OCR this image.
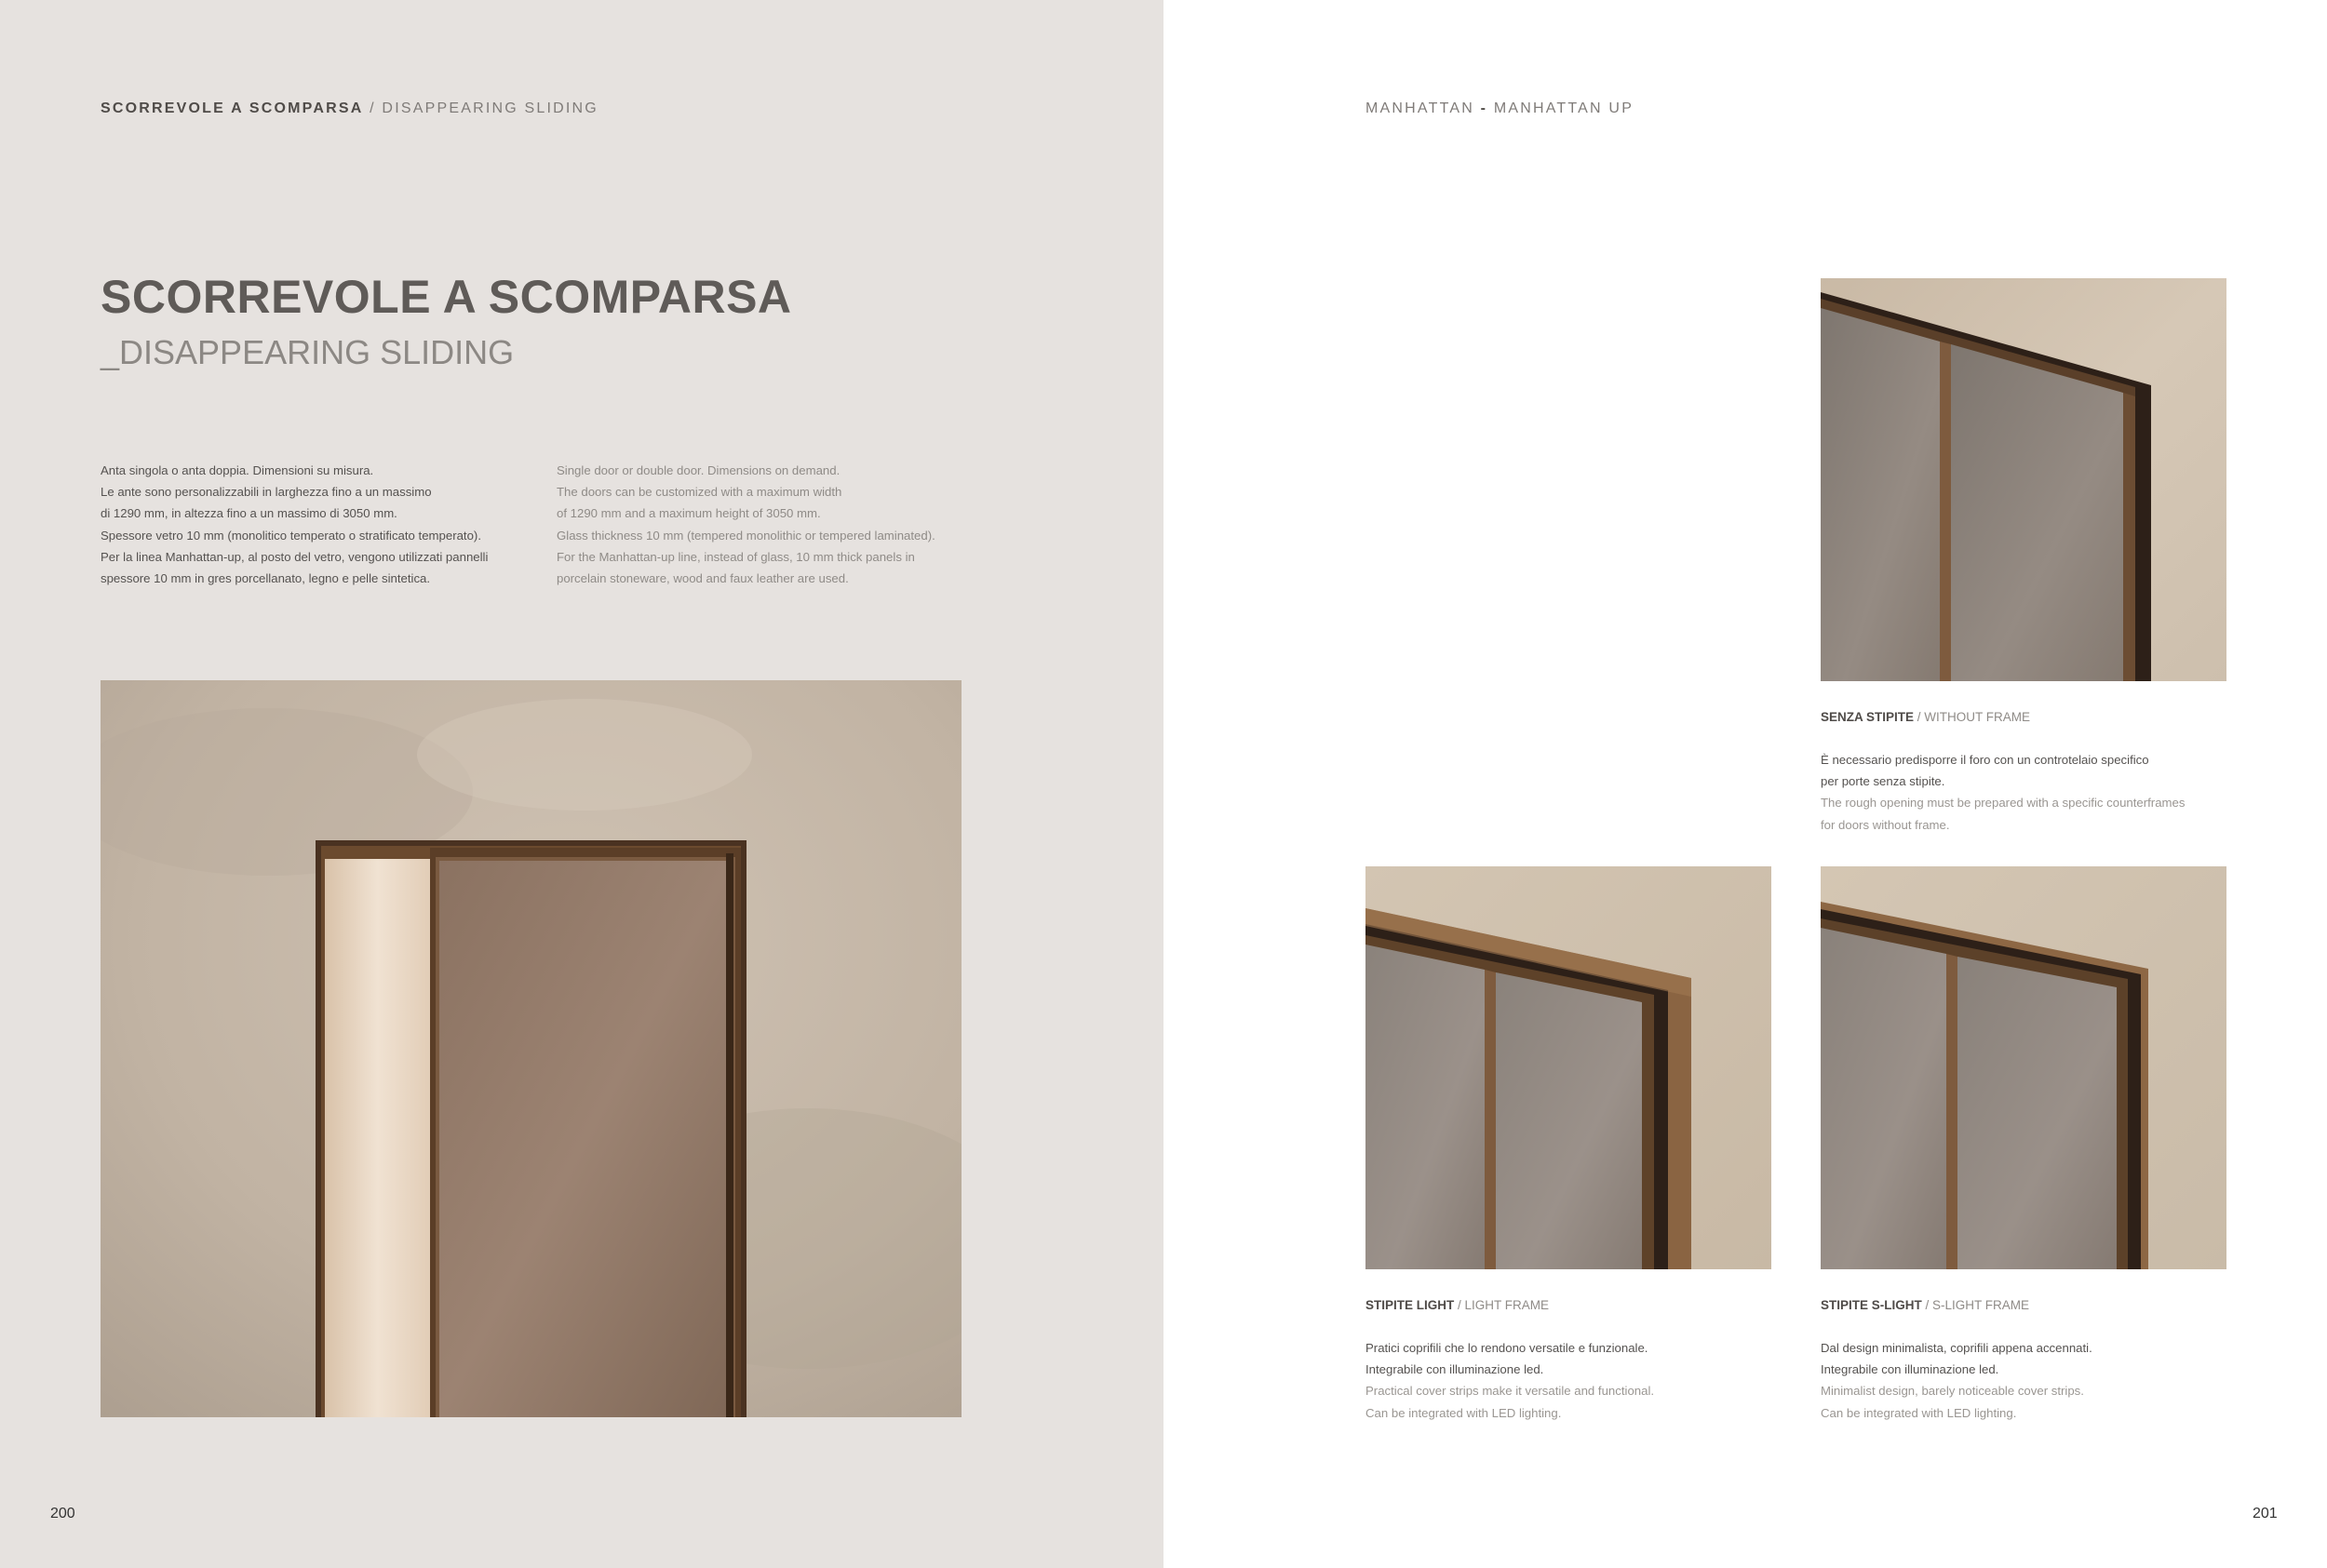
SCORREVOLE A SCOMPARSA / DISAPPEARING SLIDING
SCORREVOLE A SCOMPARSA
_DISAPPEARING SLIDING
Anta singola o anta doppia. Dimensioni su misura.
Le ante sono personalizzabili in larghezza fino a un massimo
di 1290 mm, in altezza fino a un massimo di 3050 mm.
Spessore vetro 10 mm (monolitico temperato o stratificato temperato).
Per la linea Manhattan-up, al posto del vetro, vengono utilizzati pannelli
spessore 10 mm in gres porcellanato, legno e pelle sintetica.
Single door or double door. Dimensions on demand.
The doors can be customized with a maximum width
of 1290 mm and a maximum height of 3050 mm.
Glass thickness 10 mm (tempered monolithic or tempered laminated).
For the Manhattan-up line, instead of glass, 10 mm thick panels in
porcelain stoneware, wood and faux leather are used.
200
MANHATTAN - MANHATTAN UP
SENZA STIPITE / WITHOUT FRAME
È necessario predisporre il foro con un controtelaio specifico
per porte senza stipite.
The rough opening must be prepared with a specific counterframes
for doors without frame.
STIPITE LIGHT / LIGHT FRAME
Pratici coprifili che lo rendono versatile e funzionale.
Integrabile con illuminazione led.
Practical cover strips make it versatile and functional.
Can be integrated with LED lighting.
STIPITE S-LIGHT / S-LIGHT FRAME
Dal design minimalista, coprifili appena accennati.
Integrabile con illuminazione led.
Minimalist design, barely noticeable cover strips.
Can be integrated with LED lighting.
201
